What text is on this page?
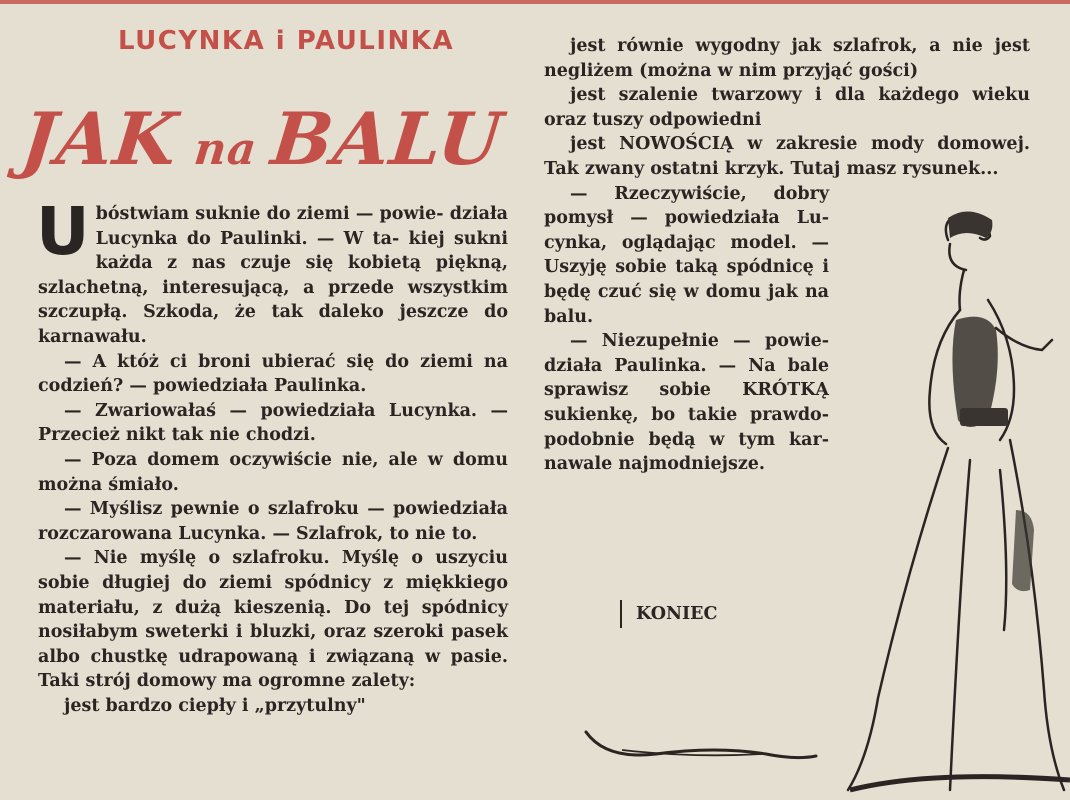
LUCYNKA i PAULINKA
JAK na BALU

U bóstwiam suknie do ziemi — powie- działa Lucynka do Paulinki. — W ta- kiej sukni każda z nas czuje się kobietą piękną, szlachetną, interesującą, a przede wszystkim szczupłą. Szkoda, że tak daleko jeszcze do karnawału.

— A któż ci broni ubierać się do ziemi na codzień? — powiedziała Paulinka.

— Zwariowałaś — powiedziała Lucynka. — Przecież nikt tak nie chodzi.

— Poza domem oczywiście nie, ale w domu można śmiało.

— Myślisz pewnie o szlafroku — powiedziała rozczarowana Lucynka. — Szlafrok, to nie to.

— Nie myślę o szlafroku. Myślę o uszyciu sobie długiej do ziemi spódnicy z miękkiego materiału, z dużą kieszenią. Do tej spódnicy nosiłabym sweterki i bluzki, oraz szeroki pasek albo chustkę udrapowaną i związaną w pasie. Taki strój domowy ma ogromne zalety:

jest bardzo ciepły i „przytulny"

jest równie wygodny jak szlafrok, a nie jest negliżem (można w nim przyjąć gości)

jest szalenie twarzowy i dla każdego wieku oraz tuszy odpowiedni

jest NOWOŚCIĄ w zakresie mody domowej. Tak zwany ostatni krzyk. Tutaj masz rysunek...

— Rzeczywiście, dobry pomysł — powiedziała Lu- cynka, oglądając model. — Uszyję sobie taką spódnicę i będę czuć się w domu jak na balu.

— Niezupełnie — powie- działa Paulinka. — Na bale sprawisz sobie KRÓTKĄ sukienkę, bo takie prawdo- podobnie będą w tym kar- nawale najmodniejsze.

KONIEC
